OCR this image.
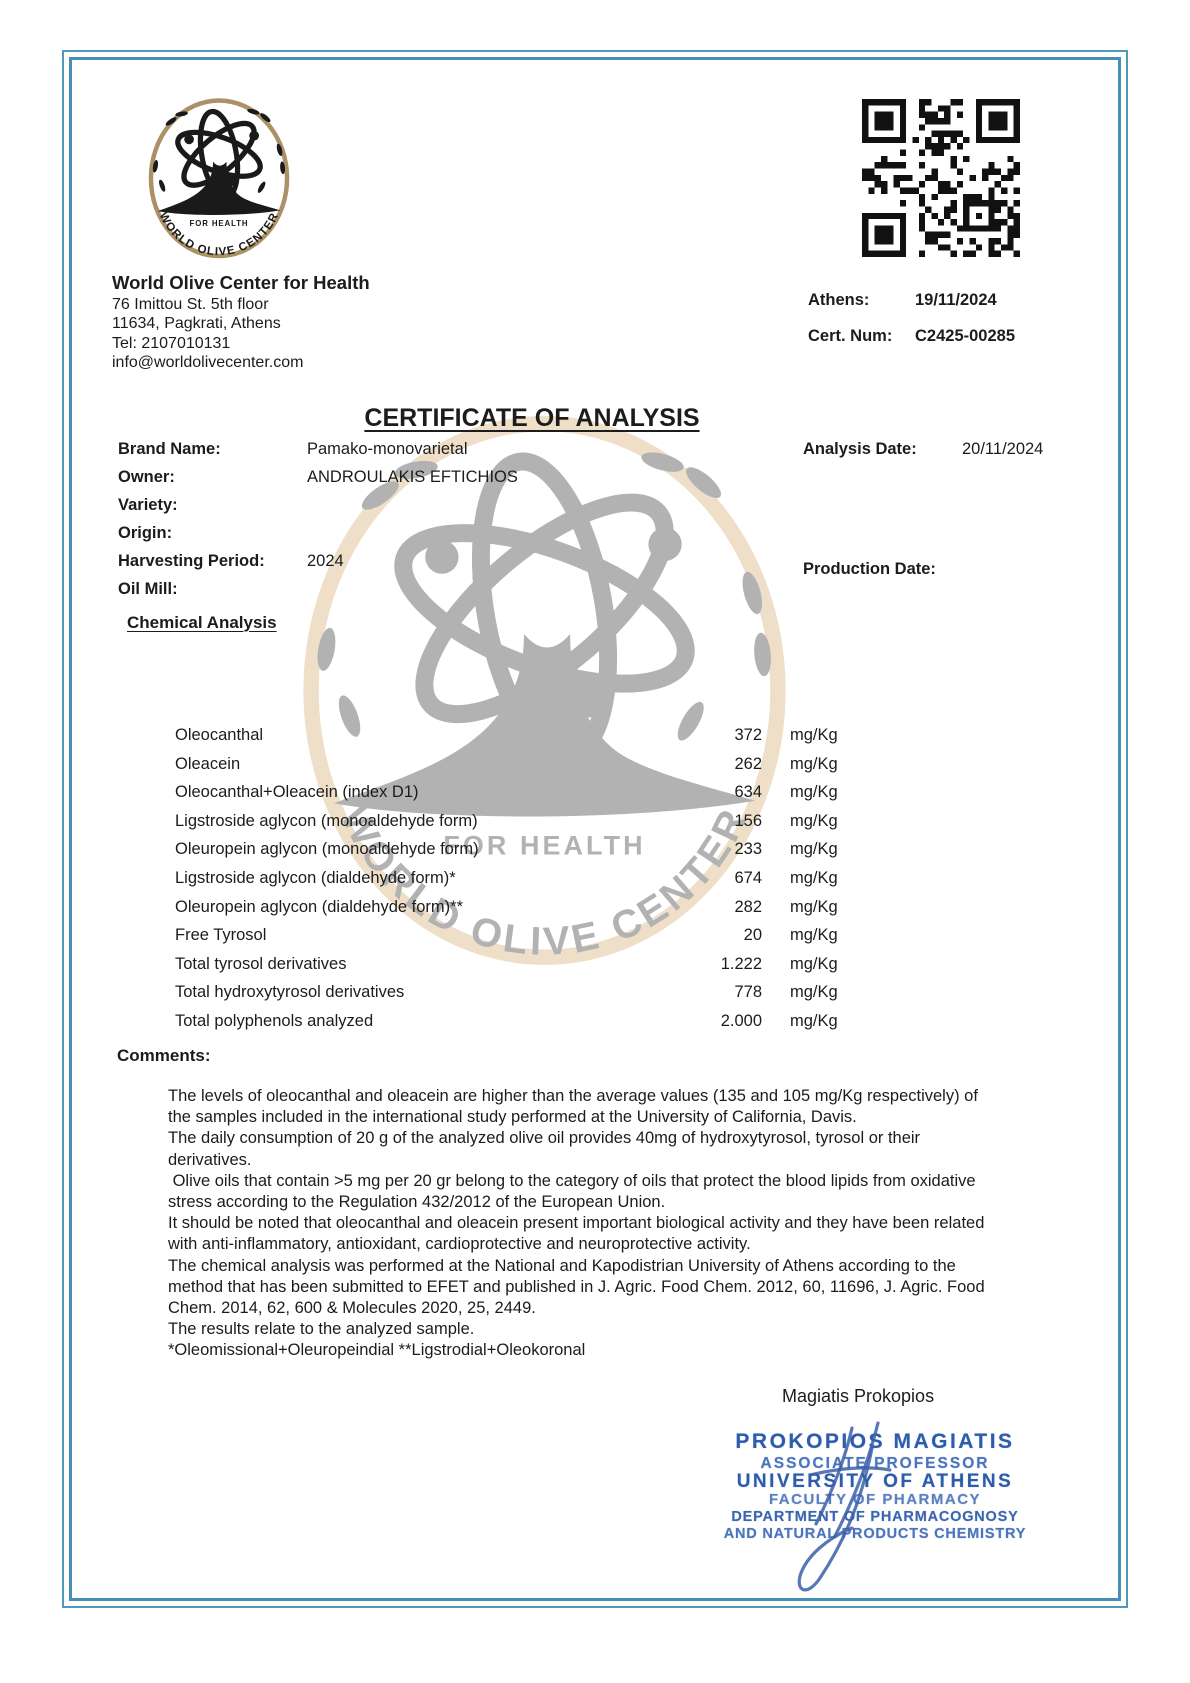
World Olive Center for Health
76 Imittou St. 5th floor
11634, Pagkrati, Athens
Tel: 2107010131
info@worldolivecenter.com
Athens:	19/11/2024
Cert. Num: C2425-00285
CERTIFICATE OF ANALYSIS
Brand Name:	Pamako-monovarietal
Owner:	ANDROULAKIS EFTICHIOS
Variety:
Origin:
Harvesting Period:	2024
Oil Mill:
Analysis Date:	20/11/2024
Production Date:
Chemical Analysis
Oleocanthal	372 mg/Kg
Oleacein	262 mg/Kg
Oleocanthal+Oleacein (index D1)	634 mg/Kg
Ligstroside aglycon (monoaldehyde form)	156 mg/Kg
Oleuropein aglycon (monoaldehyde form)	233 mg/Kg
Ligstroside aglycon (dialdehyde form)*	674 mg/Kg
Oleuropein aglycon (dialdehyde form)**	282 mg/Kg
Free Tyrosol	20 mg/Kg
Total tyrosol derivatives	1.222 mg/Kg
Total hydroxytyrosol derivatives	778 mg/Kg
Total polyphenols analyzed	2.000 mg/Kg
Comments:
The levels of oleocanthal and oleacein are higher than the average values (135 and 105 mg/Kg respectively) of
the samples included in the international study performed at the University of California, Davis.
The daily consumption of 20 g of the analyzed olive oil provides 40mg of hydroxytyrosol, tyrosol or their
derivatives.
Olive oils that contain >5 mg per 20 gr belong to the category of oils that protect the blood lipids from oxidative
stress according to the Regulation 432/2012 of the European Union.
It should be noted that oleocanthal and oleacein present important biological activity and they have been related
with anti-inflammatory, antioxidant, cardioprotective and neuroprotective activity.
The chemical analysis was performed at the National and Kapodistrian University of Athens according to the
method that has been submitted to EFET and published in J. Agric. Food Chem. 2012, 60, 11696, J. Agric. Food
Chem. 2014, 62, 600 & Molecules 2020, 25, 2449.
The results relate to the analyzed sample.
*Oleomissional+Oleuropeindial **Ligstrodial+Oleokoronal
Magiatis Prokopios
PROKOPIOS MAGIATIS
ASSOCIATE PROFESSOR
UNIVERSITY OF ATHENS
FACULTY OF PHARMACY
DEPARTMENT OF PHARMACOGNOSY
AND NATURAL PRODUCTS CHEMISTRY
